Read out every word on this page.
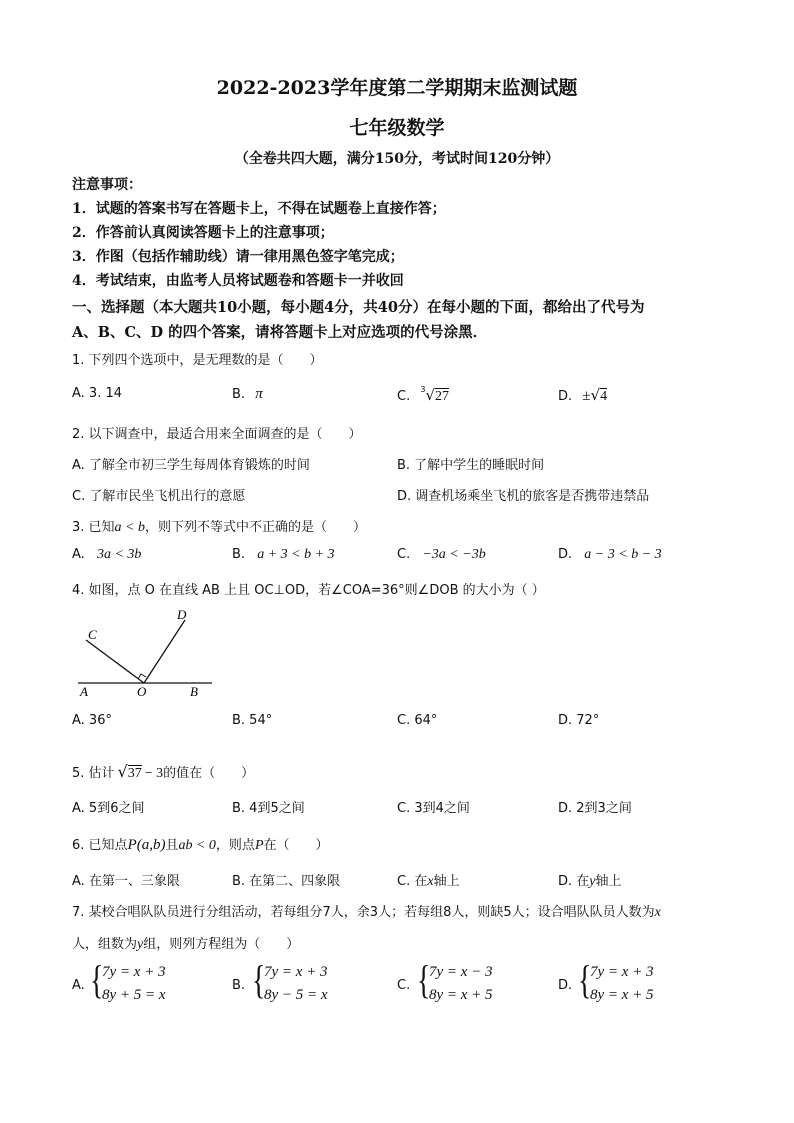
2022-2023学年度第二学期期末监测试题
七年级数学
（全卷共四大题，满分150分，考试时间120分钟）
注意事项：
1．试题的答案书写在答题卡上，不得在试题卷上直接作答；
2．作答前认真阅读答题卡上的注意事项；
3．作图（包括作辅助线）请一律用黑色签字笔完成；
4．考试结束，由监考人员将试题卷和答题卡一并收回
一、选择题（本大题共10小题，每小题4分，共40分）在每小题的下面，都给出了代号为
A、B、C、D 的四个答案，请将答题卡上对应选项的代号涂黑．
1. 下列四个选项中，是无理数的是（　　）
A. 3. 14	B. π	C. $^3$√27	D. ±√4
2. 以下调查中，最适合用来全面调查的是（　　）
A. 了解全市初三学生每周体育锻炼的时间	B. 了解中学生的睡眠时间
C. 了解市民坐飞机出行的意愿	D. 调查机场乘坐飞机的旅客是否携带违禁品
3. 已知a < b，则下列不等式中不正确的是（　　）
A. 3a < 3b	B. a + 3 < b + 3	C. −3a < −3b	D. a − 3 < b − 3
4. 如图，点 O 在直线 AB 上且 OC⊥OD，若∠COA=36°则∠DOB 的大小为（ ）
C
D
A	O	B
A. 36°	B. 54°	C. 64°	D. 72°
5. 估计 √37 − 3的值在（　　）
A. 5到6之间	B. 4到5之间	C. 3到4之间	D. 2到3之间
6. 已知点P(a,b)且ab < 0，则点P在（　　）
A. 在第一、三象限	B. 在第二、四象限	C. 在x轴上	D. 在y轴上
7. 某校合唱队队员进行分组活动，若每组分7人，余3人；若每组8人，则缺5人；设合唱队队员人数为x
人，组数为y组，则列方程组为（　　）
A. {
7y = x + 3
8y + 5 = x
B. {
7y = x + 3
8y − 5 = x
C. {
7y = x − 3
8y = x + 5
D. {
7y = x + 3
8y = x + 5
